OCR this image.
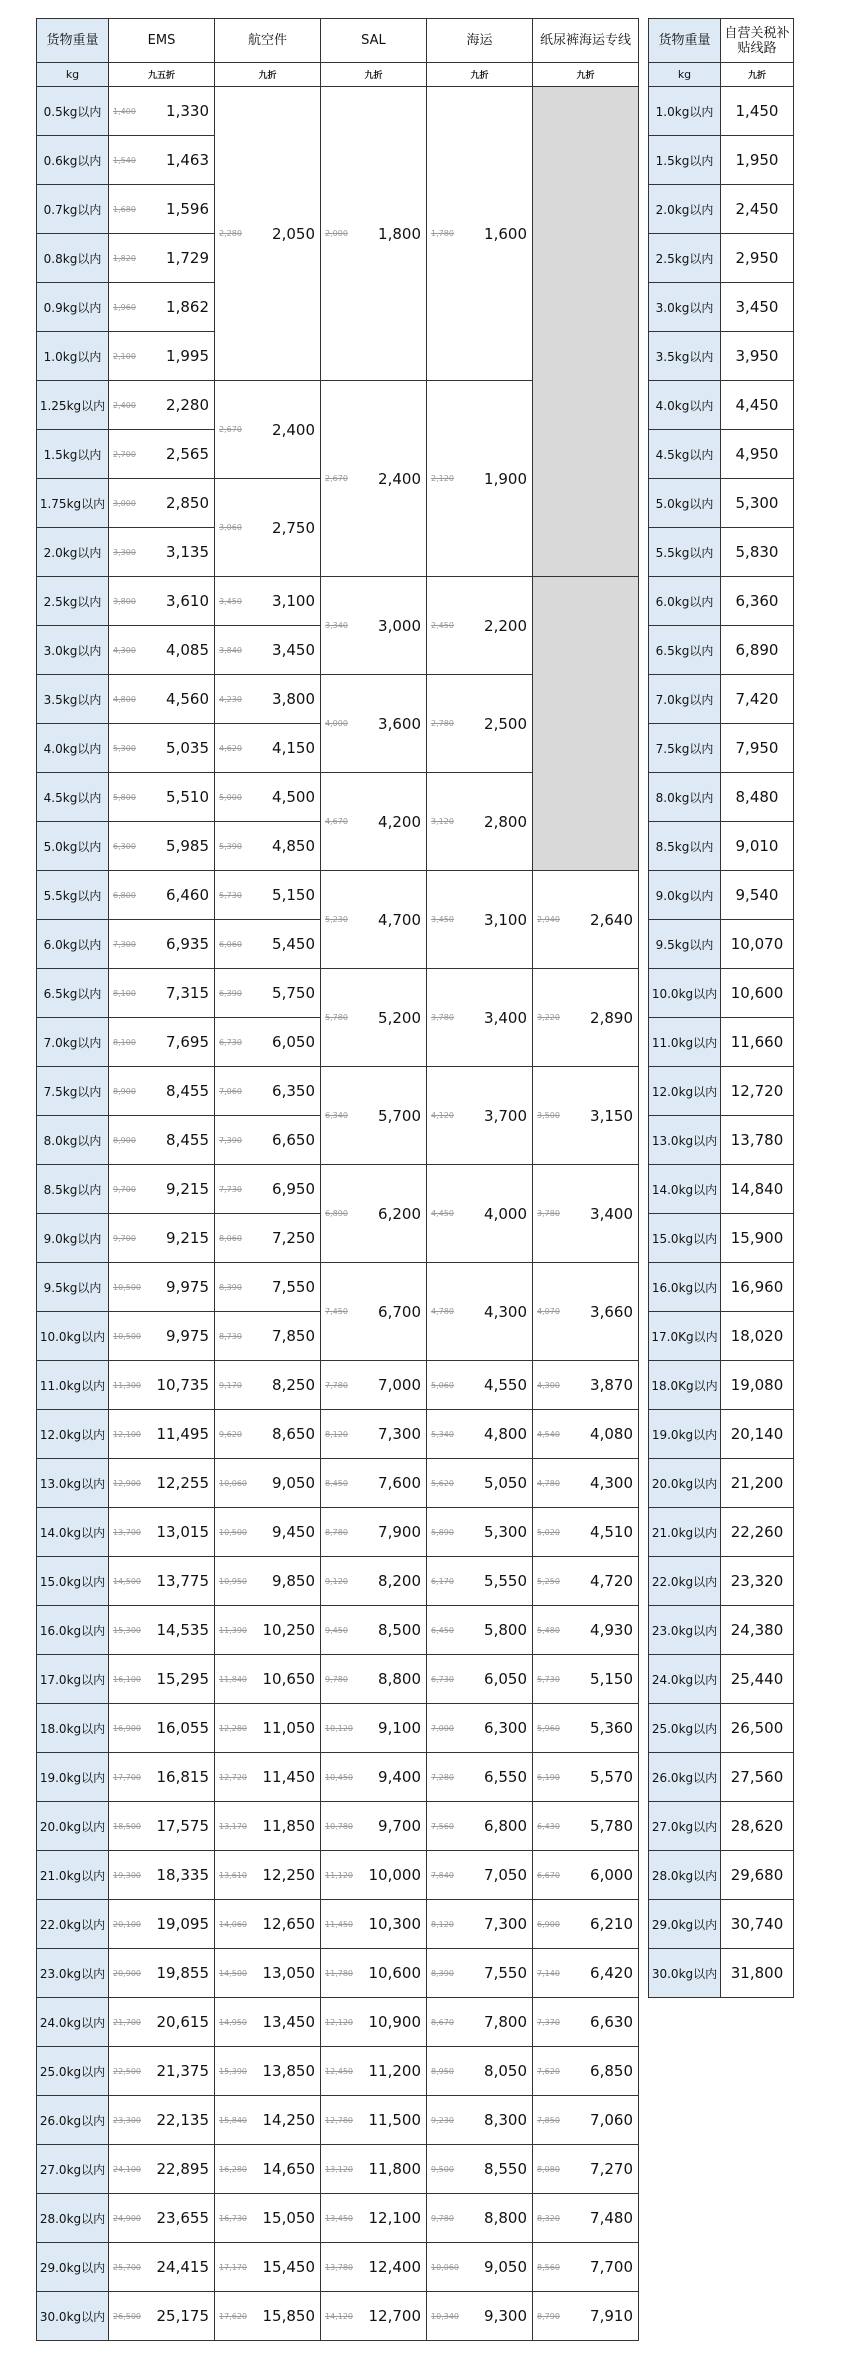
货物重量	EMS	航空件	SAL	海运	纸尿裤海运专线
kg	九五折	九折	九折	九折	九折
0.5kg以内	1,400 1,330	2,280 2,050	2,000 1,800	1,780 1,600	

0.6kg以内	1,540 1,463				

0.7kg以内	1,680 1,596				

0.8kg以内	1,820 1,729				

0.9kg以内	1,960 1,862				

1.0kg以内	2,100 1,995				

1.25kg以内	2,400 2,280	2,670 2,400	2,670 2,400	2,120 1,900	

1.5kg以内	2,700 2,565				

1.75kg以内	3,000 2,850	3,060 2,750			

2.0kg以内	3,300 3,135				

2.5kg以内	3,800 3,610	3,450 3,100	3,340 3,000	2,450 2,200	

3.0kg以内	4,300 4,085	3,840 3,450			

3.5kg以内	4,800 4,560	4,230 3,800	4,000 3,600	2,780 2,500	

4.0kg以内	5,300 5,035	4,620 4,150			

4.5kg以内	5,800 5,510	5,000 4,500	4,670 4,200	3,120 2,800	

5.0kg以内	6,300 5,985	5,390 4,850			

5.5kg以内	6,800 6,460	5,730 5,150	5,230 4,700	3,450 3,100	2,940 2,640

6.0kg以内	7,300 6,935	6,060 5,450			

6.5kg以内	8,100 7,315	6,390 5,750	5,780 5,200	3,780 3,400	3,220 2,890

7.0kg以内	8,100 7,695	6,730 6,050			

7.5kg以内	8,900 8,455	7,060 6,350	6,340 5,700	4,120 3,700	3,500 3,150

8.0kg以内	8,900 8,455	7,390 6,650			

8.5kg以内	9,700 9,215	7,730 6,950	6,890 6,200	4,450 4,000	3,780 3,400

9.0kg以内	9,700 9,215	8,060 7,250			

9.5kg以内	10,500 9,975	8,390 7,550	7,450 6,700	4,780 4,300	4,070 3,660

10.0kg以内	10,500 9,975	8,730 7,850			

11.0kg以内	11,300 10,735	9,170 8,250	7,780 7,000	5,060 4,550	4,300 3,870

12.0kg以内	12,100 11,495	9,620 8,650	8,120 7,300	5,340 4,800	4,540 4,080

13.0kg以内	12,900 12,255	10,060 9,050	8,450 7,600	5,620 5,050	4,780 4,300

14.0kg以内	13,700 13,015	10,500 9,450	8,780 7,900	5,890 5,300	5,020 4,510

15.0kg以内	14,500 13,775	10,950 9,850	9,120 8,200	6,170 5,550	5,250 4,720

16.0kg以内	15,300 14,535	11,390 10,250	9,450 8,500	6,450 5,800	5,480 4,930

17.0kg以内	16,100 15,295	11,840 10,650	9,780 8,800	6,730 6,050	5,730 5,150

18.0kg以内	16,900 16,055	12,280 11,050	10,120 9,100	7,000 6,300	5,960 5,360

19.0kg以内	17,700 16,815	12,720 11,450	10,450 9,400	7,280 6,550	6,190 5,570

20.0kg以内	18,500 17,575	13,170 11,850	10,780 9,700	7,560 6,800	6,430 5,780

21.0kg以内	19,300 18,335	13,610 12,250	11,120 10,000	7,840 7,050	6,670 6,000

22.0kg以内	20,100 19,095	14,060 12,650	11,450 10,300	8,120 7,300	6,900 6,210

23.0kg以内	20,900 19,855	14,500 13,050	11,780 10,600	8,390 7,550	7,140 6,420

24.0kg以内	21,700 20,615	14,950 13,450	12,120 10,900	8,670 7,800	7,370 6,630

25.0kg以内	22,500 21,375	15,390 13,850	12,450 11,200	8,950 8,050	7,620 6,850

26.0kg以内	23,300 22,135	15,840 14,250	12,780 11,500	9,230 8,300	7,850 7,060

27.0kg以内	24,100 22,895	16,280 14,650	13,120 11,800	9,500 8,550	8,080 7,270

28.0kg以内	24,900 23,655	16,730 15,050	13,450 12,100	9,780 8,800	8,320 7,480

29.0kg以内	25,700 24,415	17,170 15,450	13,780 12,400	10,060 9,050	8,560 7,700

30.0kg以内	26,500 25,175	17,620 15,850	14,120 12,700	10,340 9,300	8,790 7,910
货物重量	自营关税补贴线路
kg	九折
1.0kg以内	1,450
1.5kg以内	1,950
2.0kg以内	2,450
2.5kg以内	2,950
3.0kg以内	3,450
3.5kg以内	3,950
4.0kg以内	4,450
4.5kg以内	4,950
5.0kg以内	5,300
5.5kg以内	5,830
6.0kg以内	6,360
6.5kg以内	6,890
7.0kg以内	7,420
7.5kg以内	7,950
8.0kg以内	8,480
8.5kg以内	9,010
9.0kg以内	9,540
9.5kg以内	10,070
10.0kg以内	10,600
11.0kg以内	11,660
12.0kg以内	12,720
13.0kg以内	13,780
14.0kg以内	14,840
15.0kg以内	15,900
16.0kg以内	16,960
17.0Kg以内	18,020
18.0Kg以内	19,080
19.0kg以内	20,140
20.0kg以内	21,200
21.0kg以内	22,260
22.0kg以内	23,320
23.0kg以内	24,380
24.0kg以内	25,440
25.0kg以内	26,500
26.0kg以内	27,560
27.0kg以内	28,620
28.0kg以内	29,680
29.0kg以内	30,740
30.0kg以内	31,800
